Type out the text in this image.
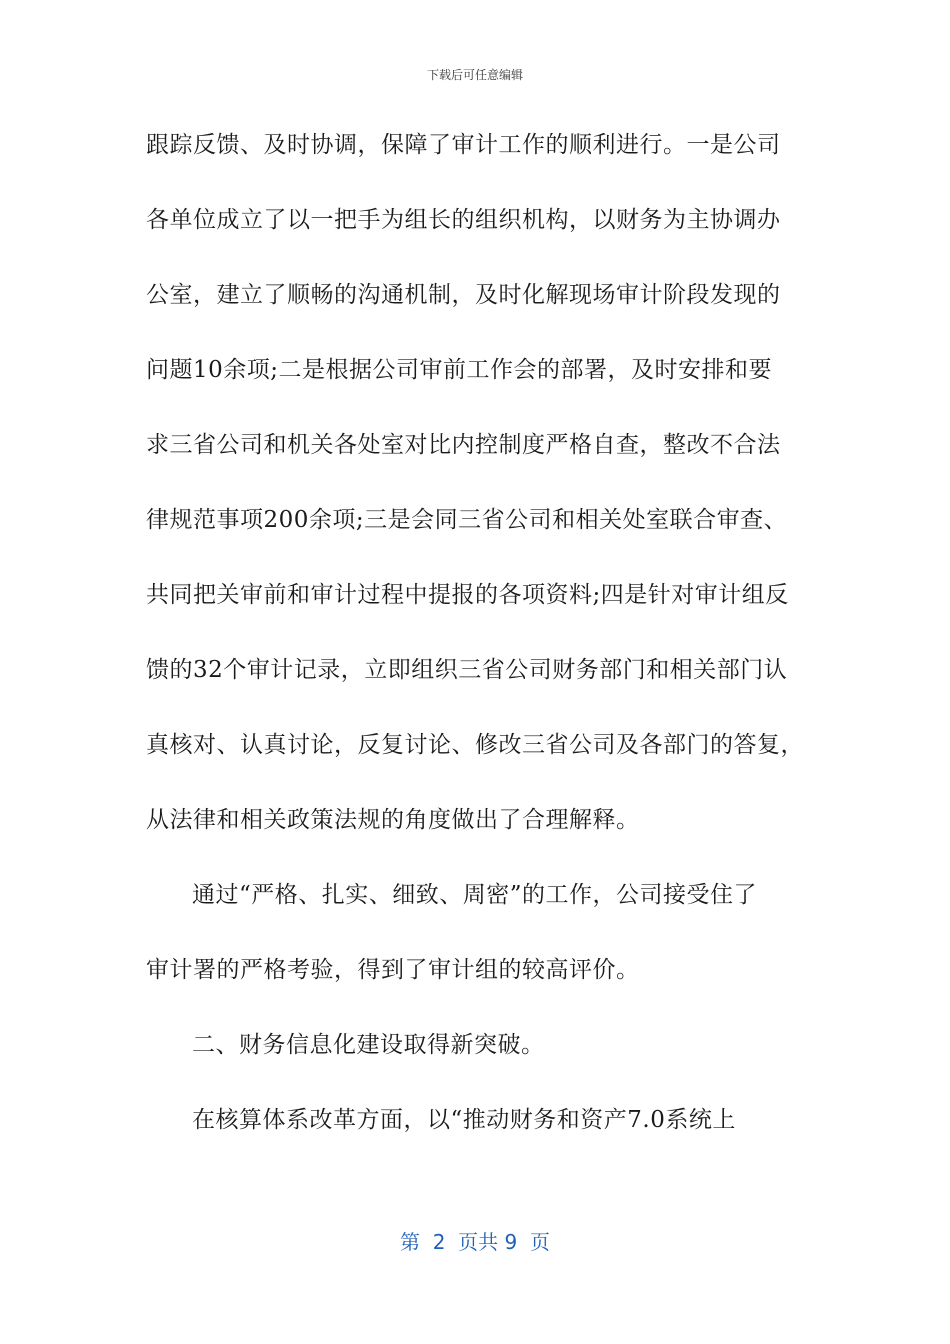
下载后可任意编辑
跟踪反馈、及时协调，保障了审计工作的顺利进行。一是公司
各单位成立了以一把手为组长的组织机构，以财务为主协调办
公室，建立了顺畅的沟通机制，及时化解现场审计阶段发现的
问题10余项;二是根据公司审前工作会的部署，及时安排和要
求三省公司和机关各处室对比内控制度严格自查，整改不合法
律规范事项200余项;三是会同三省公司和相关处室联合审查、
共同把关审前和审计过程中提报的各项资料;四是针对审计组反
馈的32个审计记录，立即组织三省公司财务部门和相关部门认
真核对、认真讨论，反复讨论、修改三省公司及各部门的答复，
从法律和相关政策法规的角度做出了合理解释。
通过“严格、扎实、细致、周密”的工作，公司接受住了
审计署的严格考验，得到了审计组的较高评价。
二、财务信息化建设取得新突破。
在核算体系改革方面，以“推动财务和资产7.0系统上
第  2  页共 9  页
